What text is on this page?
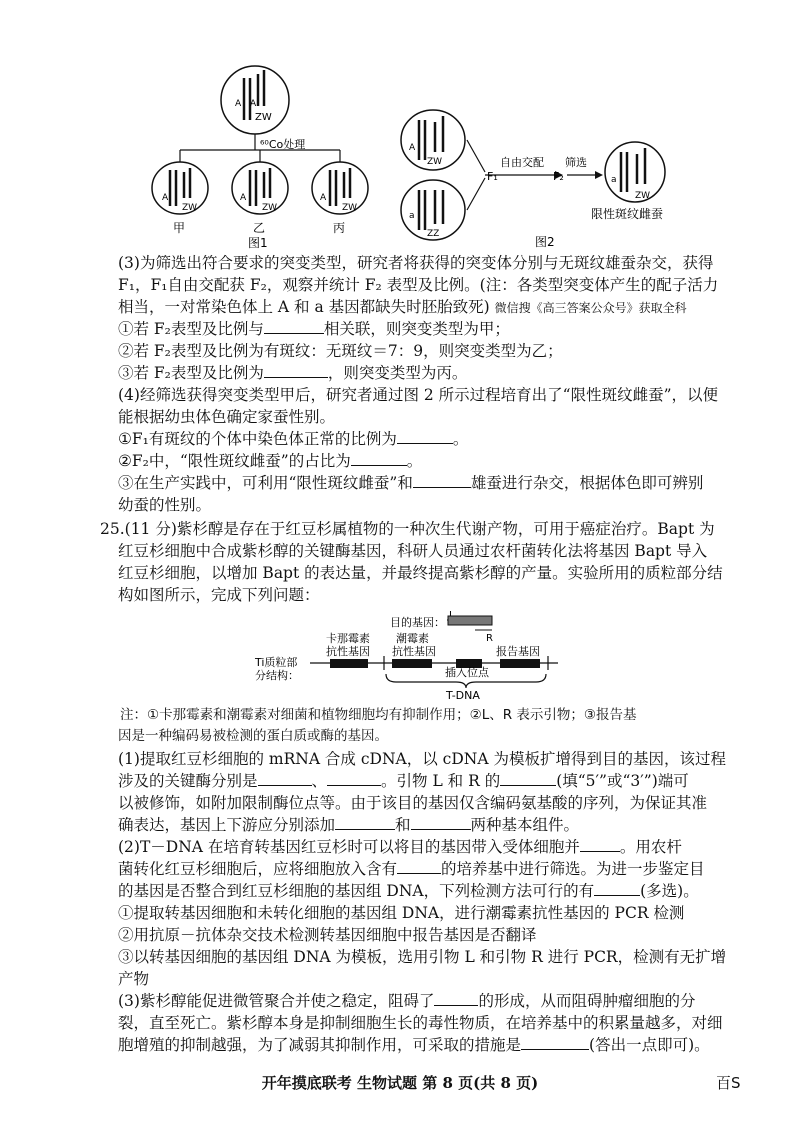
A A
ZW
⁶⁰Co处理
A
ZW
A
ZW
A
ZW
甲	乙	丙
图1
A
ZW
a
ZZ
F₁
自由交配
F₂
筛选
a
ZW
限性斑纹雌蚕
图2
(3)为筛选出符合要求的突变类型，研究者将获得的突变体分别与无斑纹雄蚕杂交，获得
F₁，F₁自由交配获 F₂，观察并统计 F₂ 表型及比例。(注：各类型突变体产生的配子活力
相当，一对常染色体上 A 和 a 基因都缺失时胚胎致死) 微信搜《高三答案公众号》获取全科
①若 F₂表型及比例与	相关联，则突变类型为甲；
②若 F₂表型及比例为有斑纹：无斑纹＝7：9，则突变类型为乙；
③若 F₂表型及比例为	，则突变类型为丙。
(4)经筛选获得突变类型甲后，研究者通过图 2 所示过程培育出了“限性斑纹雌蚕”，以便
能根据幼虫体色确定家蚕性别。
①F₁有斑纹的个体中染色体正常的比例为	。
②F₂中，“限性斑纹雌蚕”的占比为	。
③在生产实践中，可利用“限性斑纹雌蚕”和	雄蚕进行杂交，根据体色即可辨别
幼蚕的性别。
25.(11 分)紫杉醇是存在于红豆杉属植物的一种次生代谢产物，可用于癌症治疗。Bapt 为
红豆杉细胞中合成紫杉醇的关键酶基因，科研人员通过农杆菌转化法将基因 Bapt 导入
红豆杉细胞，以增加 Bapt 的表达量，并最终提高紫杉醇的产量。实验所用的质粒部分结
构如图所示，完成下列问题：
目的基因：
R
卡那霉素
抗性基因
潮霉素
抗性基因	报告基因
Ti质粒部
分结构：	插入位点
T-DNA
注：①卡那霉素和潮霉素对细菌和植物细胞均有抑制作用；②L、R 表示引物；③报告基
因是一种编码易被检测的蛋白质或酶的基因。
(1)提取红豆杉细胞的 mRNA 合成 cDNA，以 cDNA 为模板扩增得到目的基因，该过程
涉及的关键酶分别是	、	。引物 L 和 R 的	(填“5′”或“3′”)端可
以被修饰，如附加限制酶位点等。由于该目的基因仅含编码氨基酸的序列，为保证其准
确表达，基因上下游应分别添加	和	两种基本组件。
(2)T－DNA 在培育转基因红豆杉时可以将目的基因带入受体细胞并	。用农杆
菌转化红豆杉细胞后，应将细胞放入含有	的培养基中进行筛选。为进一步鉴定目
的基因是否整合到红豆杉细胞的基因组 DNA，下列检测方法可行的有	(多选)。
①提取转基因细胞和未转化细胞的基因组 DNA，进行潮霉素抗性基因的 PCR 检测
②用抗原－抗体杂交技术检测转基因细胞中报告基因是否翻译
③以转基因细胞的基因组 DNA 为模板，选用引物 L 和引物 R 进行 PCR，检测有无扩增
产物
(3)紫杉醇能促进微管聚合并使之稳定，阻碍了	的形成，从而阻碍肿瘤细胞的分
裂，直至死亡。紫杉醇本身是抑制细胞生长的毒性物质，在培养基中的积累量越多，对细
胞增殖的抑制越强，为了减弱其抑制作用，可采取的措施是	(答出一点即可)。
开年摸底联考 生物试题 第 8 页(共 8 页)	百S
